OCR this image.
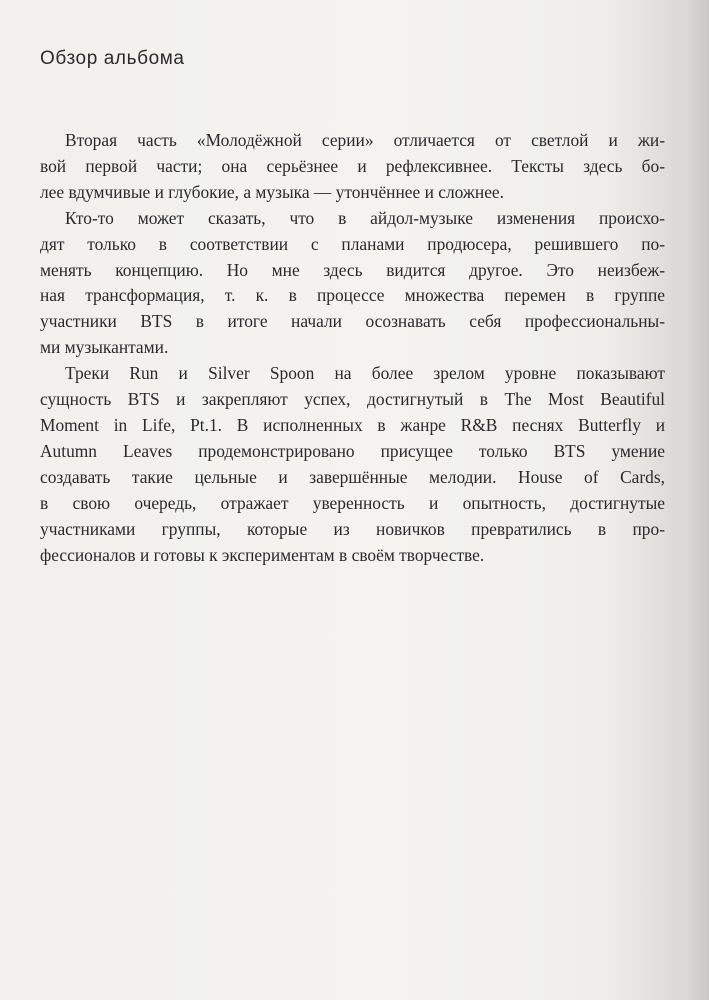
Обзор альбома

Вторая часть «Молодёжной серии» отличается от светлой и жи-
вой первой части; она серьёзнее и рефлексивнее. Тексты здесь бо-
лее вдумчивые и глубокие, а музыка — утончённее и сложнее.

Кто-то может сказать, что в айдол-музыке изменения происхо-
дят только в соответствии с планами продюсера, решившего по-
менять концепцию. Но мне здесь видится другое. Это неизбеж-
ная трансформация, т. к. в процессе множества перемен в группе
участники BTS в итоге начали осознавать себя профессиональны-
ми музыкантами.

Треки Run и Silver Spoon на более зрелом уровне показывают
сущность BTS и закрепляют успех, достигнутый в The Most Beautiful
Moment in Life, Pt.1. В исполненных в жанре R&B песнях Butterfly и
Autumn Leaves продемонстрировано присущее только BTS умение
создавать такие цельные и завершённые мелодии. House of Cards,
в свою очередь, отражает уверенность и опытность, достигнутые
участниками группы, которые из новичков превратились в про-
фессионалов и готовы к экспериментам в своём творчестве.
